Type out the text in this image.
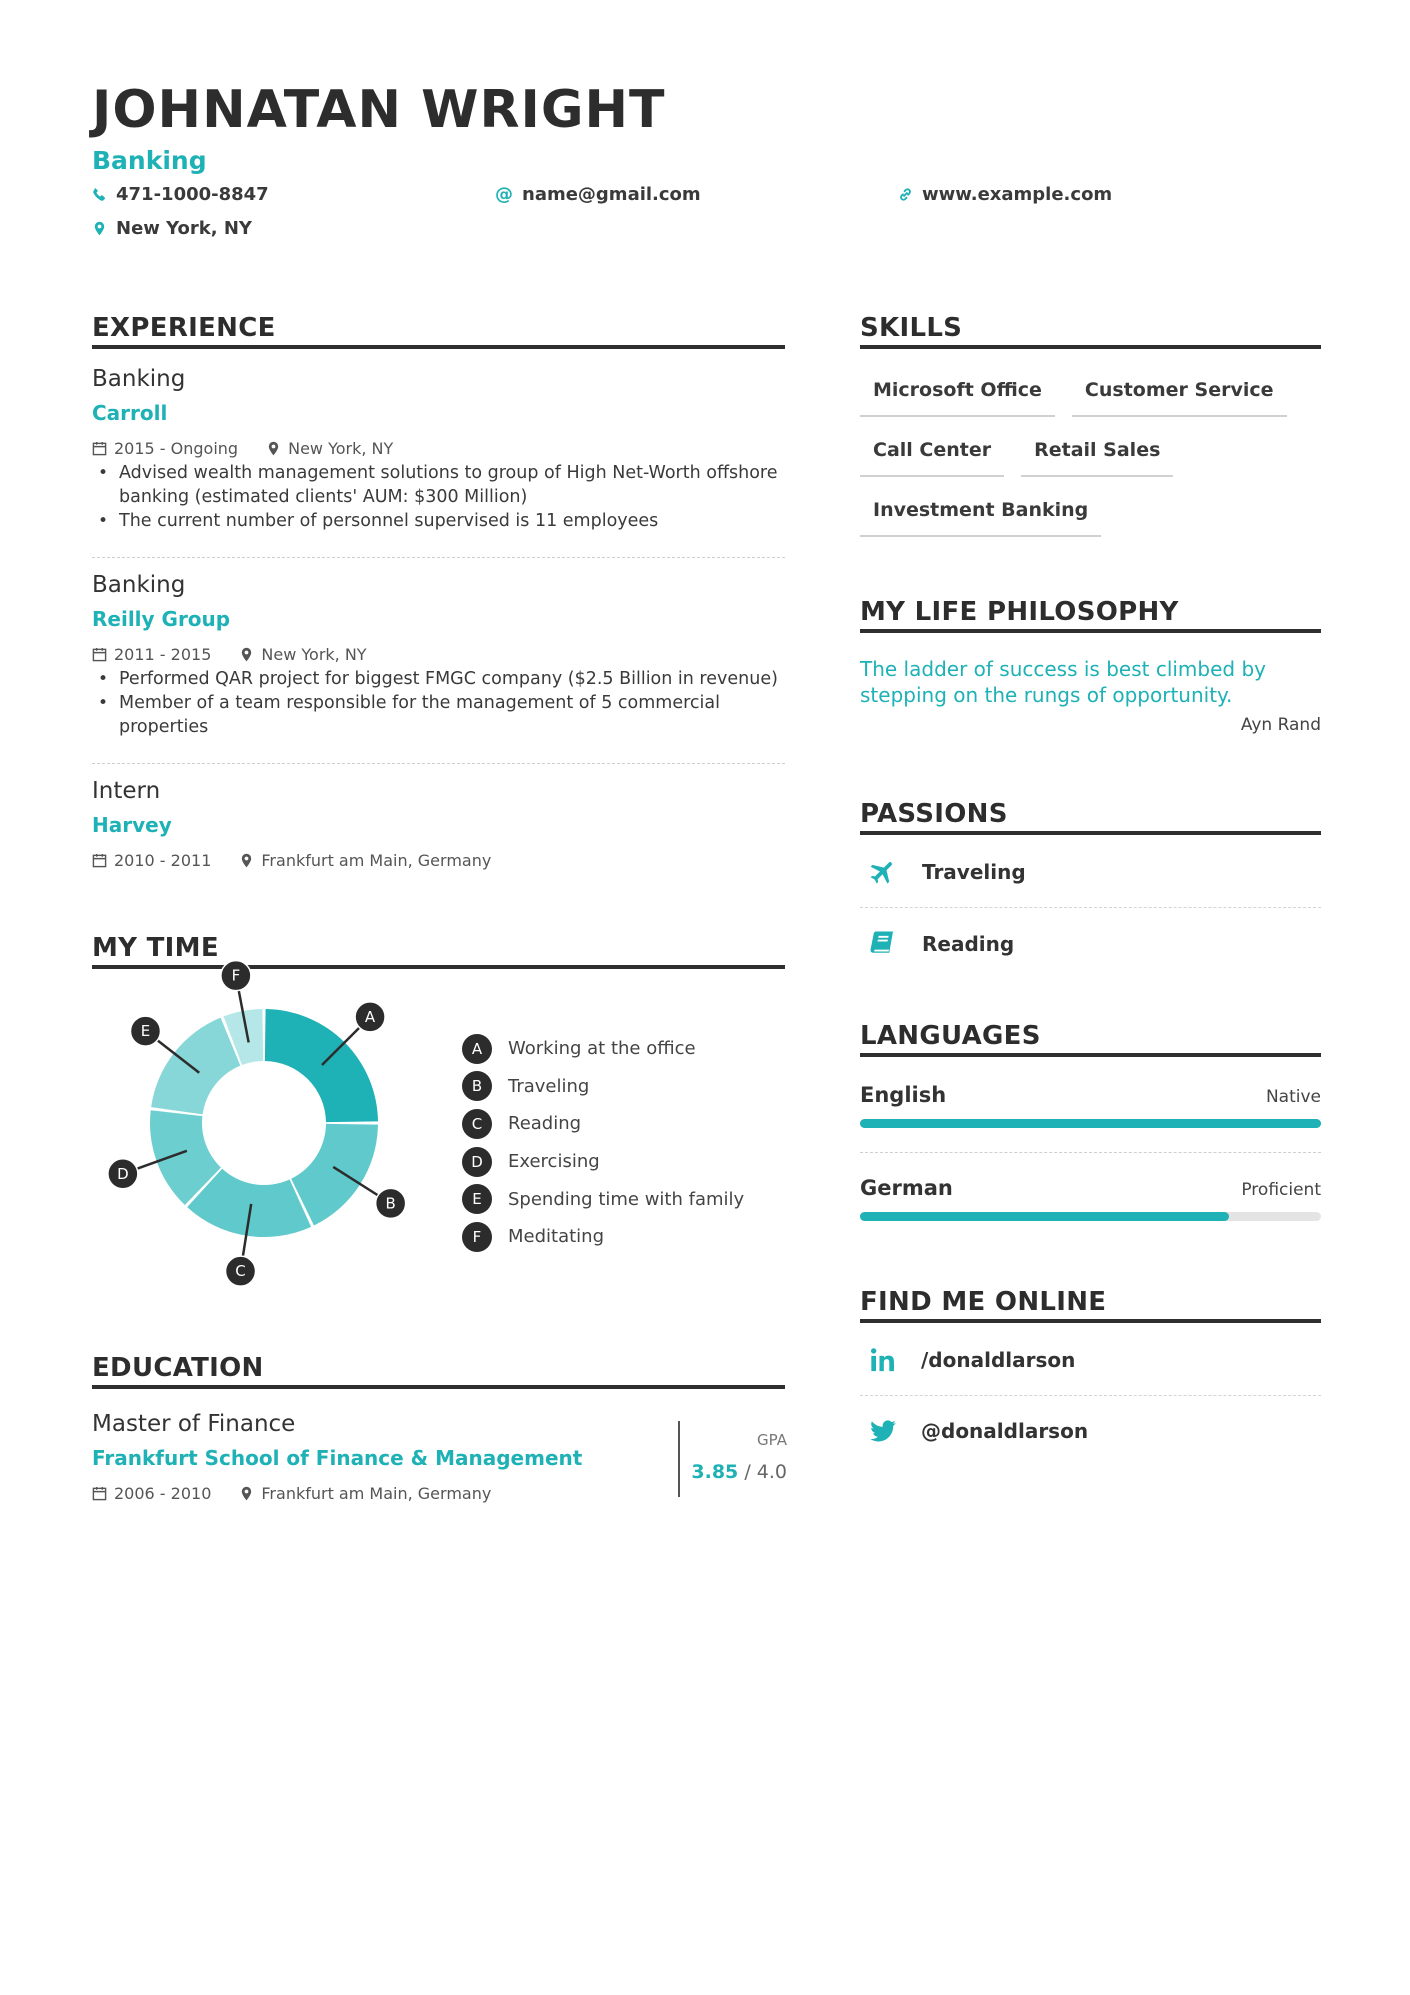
JOHNATAN WRIGHT
Banking
471-1000-8847	@ name@gmail.com	www.example.com
New York, NY
EXPERIENCE
Banking
Carroll
2015 - Ongoing	New York, NY
• Advised wealth management solutions to group of High Net-Worth offshore banking (estimated clients' AUM: $300 Million)
• The current number of personnel supervised is 11 employees
Banking
Reilly Group
2011 - 2015	New York, NY
• Performed QAR project for biggest FMGC company ($2.5 Billion in revenue)
• Member of a team responsible for the management of 5 commercial properties
Intern
Harvey
2010 - 2011	Frankfurt am Main, Germany
MY TIME
A
B
C
D
E
F
A	Working at the office
B	Traveling
C	Reading
D	Exercising
E	Spending time with family
F	Meditating
EDUCATION
Master of Finance
Frankfurt School of Finance & Management
2006 - 2010	Frankfurt am Main, Germany
GPA
3.85 / 4.0
SKILLS
Microsoft Office	Customer Service
Call Center	Retail Sales
Investment Banking
MY LIFE PHILOSOPHY
The ladder of success is best climbed by stepping on the rungs of opportunity.
Ayn Rand
PASSIONS
Traveling
Reading
LANGUAGES
English	Native
German	Proficient
FIND ME ONLINE
/donaldlarson
@donaldlarson
